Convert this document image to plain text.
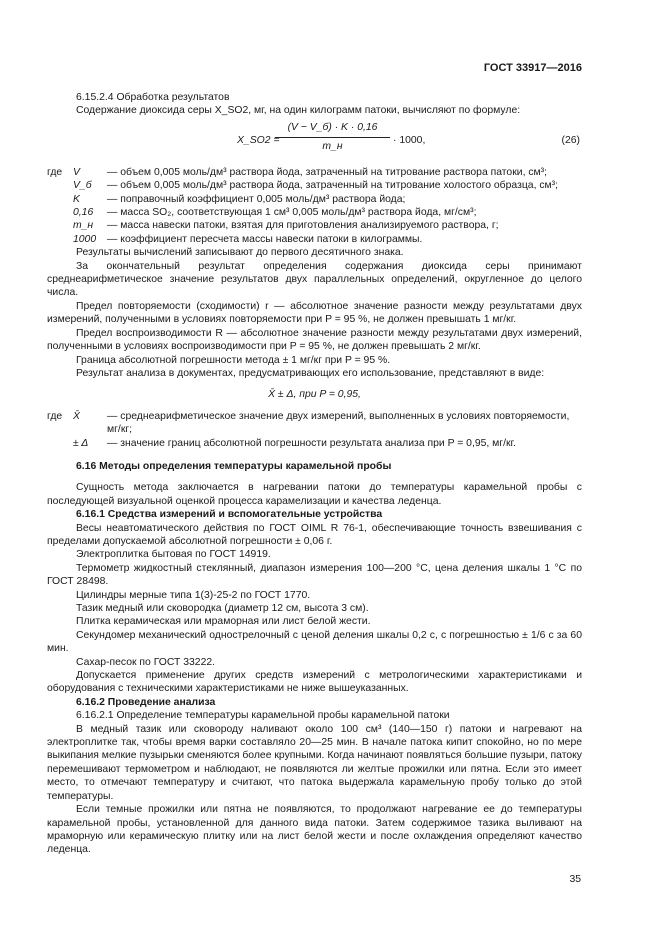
ГОСТ 33917—2016

6.15.2.4 Обработка результатов

Содержание диоксида серы X_SO2, мг, на один килограмм патоки, вычисляют по формуле:

X_SO2 =
(V − V_б) · K · 0,16
m_н
· 1000,	(26)
где	V	— объем 0,005 моль/дм³ раствора йода, затраченный на титрование раствора патоки, см³;
V_б	— объем 0,005 моль/дм³ раствора йода, затраченный на титрование холостого образца, см³;
K	— поправочный коэффициент 0,005 моль/дм³ раствора йода;
0,16	— масса SO₂, соответствующая 1 см³ 0,005 моль/дм³ раствора йода, мг/см³;
m_н	— масса навески патоки, взятая для приготовления анализируемого раствора, г;
1000	— коэффициент пересчета массы навески патоки в килограммы.

Результаты вычислений записывают до первого десятичного знака.

За окончательный результат определения содержания диоксида серы принимают среднеарифметическое значение результатов двух параллельных определений, округленное до целого числа.

Предел повторяемости (сходимости) r — абсолютное значение разности между результатами двух измерений, полученными в условиях повторяемости при P = 95 %, не должен превышать 1 мг/кг.

Предел воспроизводимости R — абсолютное значение разности между результатами двух измерений, полученными в условиях воспроизводимости при P = 95 %, не должен превышать 2 мг/кг.

Граница абсолютной погрешности метода ± 1 мг/кг при P = 95 %.

Результат анализа в документах, предусматривающих его использование, представляют в виде:

X̄ ± Δ, при P = 0,95,

где	X̄	— среднеарифметическое значение двух измерений, выполненных в условиях повторяемости, мг/кг;
± Δ	— значение границ абсолютной погрешности результата анализа при P = 0,95, мг/кг.

6.16 Методы определения температуры карамельной пробы

Сущность метода заключается в нагревании патоки до температуры карамельной пробы с последующей визуальной оценкой процесса карамелизации и качества леденца.

6.16.1 Средства измерений и вспомогательные устройства

Весы неавтоматического действия по ГОСТ OIML R 76-1, обеспечивающие точность взвешивания с пределами допускаемой абсолютной погрешности ± 0,06 г.

Электроплитка бытовая по ГОСТ 14919.

Термометр жидкостный стеклянный, диапазон измерения 100—200 °С, цена деления шкалы 1 °С по ГОСТ 28498.

Цилиндры мерные типа 1(3)-25-2 по ГОСТ 1770.

Тазик медный или сковородка (диаметр 12 см, высота 3 см).

Плитка керамическая или мраморная или лист белой жести.

Секундомер механический однострелочный с ценой деления шкалы 0,2 с, с погрешностью ± 1/6 с за 60 мин.

Сахар-песок по ГОСТ 33222.

Допускается применение других средств измерений с метрологическими характеристиками и оборудования с техническими характеристиками не ниже вышеуказанных.

6.16.2 Проведение анализа

6.16.2.1 Определение температуры карамельной пробы карамельной патоки

В медный тазик или сковороду наливают около 100 см³ (140—150 г) патоки и нагревают на электроплитке так, чтобы время варки составляло 20—25 мин. В начале патока кипит спокойно, но по мере выкипания мелкие пузырьки сменяются более крупными. Когда начинают появляться большие пузыри, патоку перемешивают термометром и наблюдают, не появляются ли желтые прожилки или пятна. Если это имеет место, то отмечают температуру и считают, что патока выдержала карамельную пробу только до этой температуры.

Если темные прожилки или пятна не появляются, то продолжают нагревание ее до температуры карамельной пробы, установленной для данного вида патоки. Затем содержимое тазика выливают на мраморную или керамическую плитку или на лист белой жести и после охлаждения определяют качество леденца.

35
